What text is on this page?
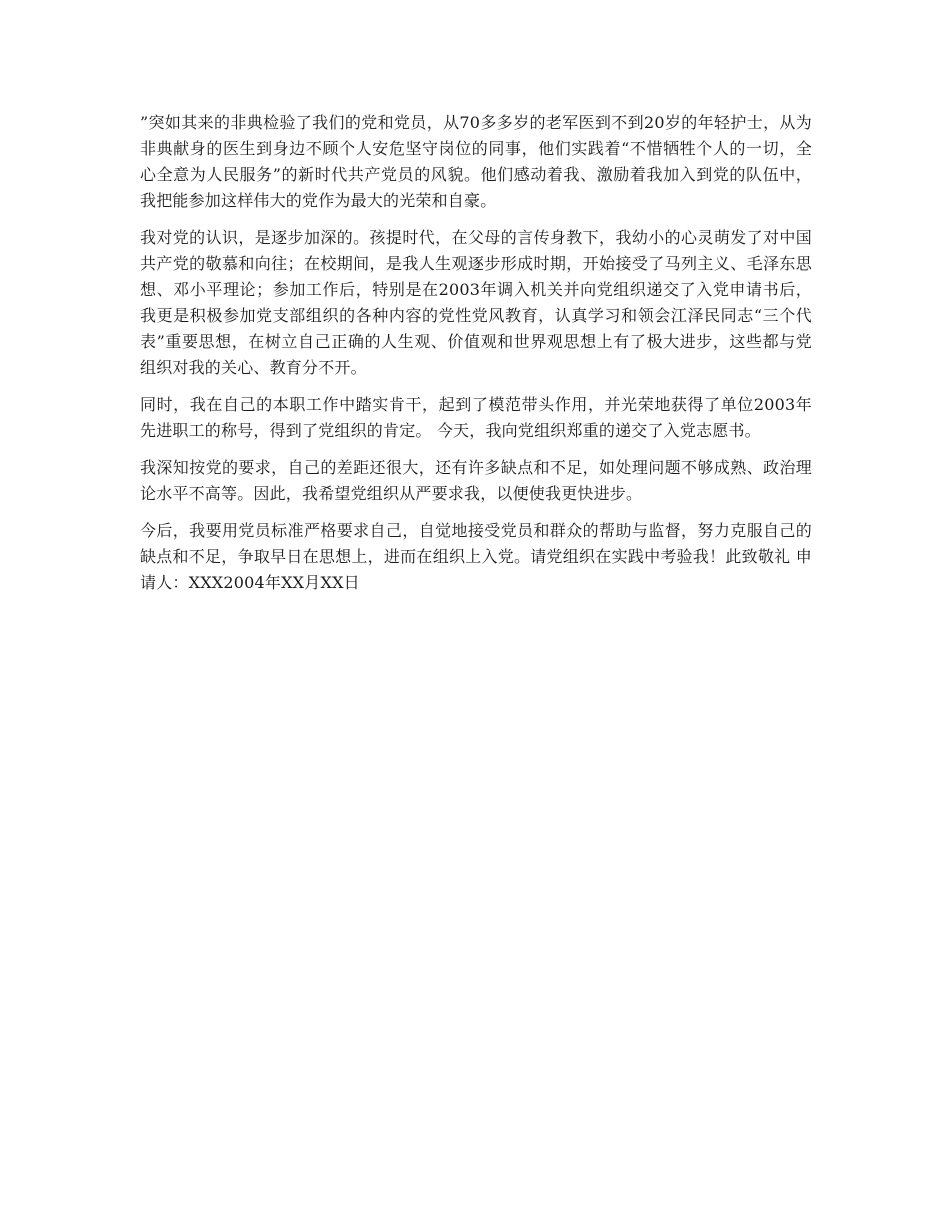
”突如其来的非典检验了我们的党和党员，从70多多岁的老军医到不到20岁的年轻护士，从为非典献身的医生到身边不顾个人安危坚守岗位的同事，他们实践着“不惜牺牲个人的一切，全心全意为人民服务”的新时代共产党员的风貌。他们感动着我、激励着我加入到党的队伍中，我把能参加这样伟大的党作为最大的光荣和自豪。

我对党的认识，是逐步加深的。孩提时代，在父母的言传身教下，我幼小的心灵萌发了对中国共产党的敬慕和向往；在校期间，是我人生观逐步形成时期，开始接受了马列主义、毛泽东思想、邓小平理论；参加工作后，特别是在2003年调入机关并向党组织递交了入党申请书后，我更是积极参加党支部组织的各种内容的党性党风教育，认真学习和领会江泽民同志“三个代表”重要思想，在树立自己正确的人生观、价值观和世界观思想上有了极大进步，这些都与党组织对我的关心、教育分不开。

同时，我在自己的本职工作中踏实肯干，起到了模范带头作用，并光荣地获得了单位2003年先进职工的称号，得到了党组织的肯定。 今天，我向党组织郑重的递交了入党志愿书。

我深知按党的要求，自己的差距还很大，还有许多缺点和不足，如处理问题不够成熟、政治理论水平不高等。因此，我希望党组织从严要求我，以便使我更快进步。

今后，我要用党员标准严格要求自己，自觉地接受党员和群众的帮助与监督，努力克服自己的缺点和不足，争取早日在思想上，进而在组织上入党。请党组织在实践中考验我！此致敬礼 申请人：XXX2004年XX月XX日
